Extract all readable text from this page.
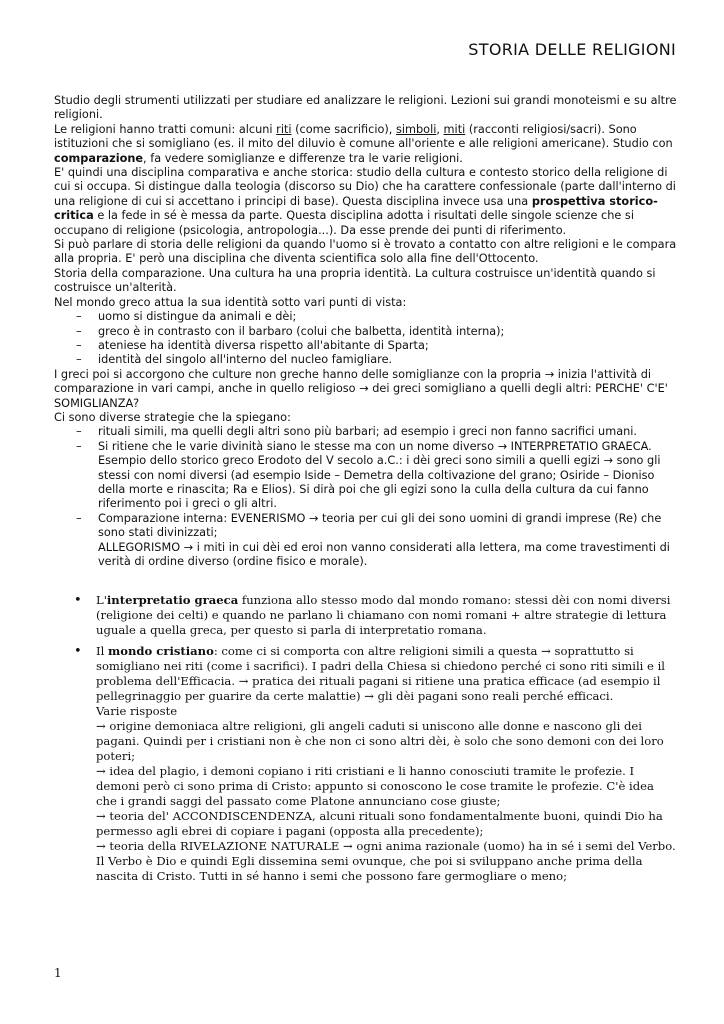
STORIA DELLE RELIGIONI

Studio degli strumenti utilizzati per studiare ed analizzare le religioni. Lezioni sui grandi monoteismi e su altre religioni.

Le religioni hanno tratti comuni: alcuni riti (come sacrificio), simboli, miti (racconti religiosi/sacri). Sono istituzioni che si somigliano (es. il mito del diluvio è comune all'oriente e alle religioni americane). Studio con comparazione, fa vedere somiglianze e differenze tra le varie religioni.

E' quindi una disciplina comparativa e anche storica: studio della cultura e contesto storico della religione di cui si occupa. Si distingue dalla teologia (discorso su Dio) che ha carattere confessionale (parte dall'interno di una religione di cui si accettano i principi di base). Questa disciplina invece usa una prospettiva storico-critica e la fede in sé è messa da parte. Questa disciplina adotta i risultati delle singole scienze che si occupano di religione (psicologia, antropologia...). Da esse prende dei punti di riferimento.

Si può parlare di storia delle religioni da quando l'uomo si è trovato a contatto con altre religioni e le compara alla propria. E' però una disciplina che diventa scientifica solo alla fine dell'Ottocento.

Storia della comparazione. Una cultura ha una propria identità. La cultura costruisce un'identità quando si costruisce un'alterità.

Nel mondo greco attua la sua identità sotto vari punti di vista:

– uomo si distingue da animali e dèi;
– greco è in contrasto con il barbaro (colui che balbetta, identità interna);
– ateniese ha identità diversa rispetto all'abitante di Sparta;
– identità del singolo all'interno del nucleo famigliare.

I greci poi si accorgono che culture non greche hanno delle somiglianze con la propria → inizia l'attività di comparazione in vari campi, anche in quello religioso → dei greci somigliano a quelli degli altri: PERCHE' C'E' SOMIGLIANZA?

Ci sono diverse strategie che la spiegano:

– rituali simili, ma quelli degli altri sono più barbari; ad esempio i greci non fanno sacrifici umani.
– Si ritiene che le varie divinità siano le stesse ma con un nome diverso → INTERPRETATIO GRAECA. Esempio dello storico greco Erodoto del V secolo a.C.: i dèi greci sono simili a quelli egizi → sono gli stessi con nomi diversi (ad esempio Iside – Demetra della coltivazione del grano; Osiride – Dioniso della morte e rinascita; Ra e Elios). Si dirà poi che gli egizi sono la culla della cultura da cui fanno riferimento poi i greci o gli altri.
– Comparazione interna: EVENERISMO → teoria per cui gli dei sono uomini di grandi imprese (Re) che sono stati divinizzati;
ALLEGORISMO → i miti in cui dèi ed eroi non vanno considerati alla lettera, ma come travestimenti di verità di ordine diverso (ordine fisico e morale).
• L'interpretatio graeca funziona allo stesso modo dal mondo romano: stessi dèi con nomi diversi (religione dei celti) e quando ne parlano li chiamano con nomi romani + altre strategie di lettura uguale a quella greca, per questo si parla di interpretatio romana.
• Il mondo cristiano: come ci si comporta con altre religioni simili a questa → soprattutto si somigliano nei riti (come i sacrifici). I padri della Chiesa si chiedono perché ci sono riti simili e il problema dell'Efficacia. → pratica dei rituali pagani si ritiene una pratica efficace (ad esempio il pellegrinaggio per guarire da certe malattie) → gli dèi pagani sono reali perché efficaci.
Varie risposte
→ origine demoniaca altre religioni, gli angeli caduti si uniscono alle donne e nascono gli dei pagani. Quindi per i cristiani non è che non ci sono altri dèi, è solo che sono demoni con dei loro poteri;
→ idea del plagio, i demoni copiano i riti cristiani e li hanno conosciuti tramite le profezie. I demoni però ci sono prima di Cristo: appunto si conoscono le cose tramite le profezie. C'è idea che i grandi saggi del passato come Platone annunciano cose giuste;
→ teoria del' ACCONDISCENDENZA, alcuni rituali sono fondamentalmente buoni, quindi Dio ha permesso agli ebrei di copiare i pagani (opposta alla precedente);
→ teoria della RIVELAZIONE NATURALE → ogni anima razionale (uomo) ha in sé i semi del Verbo. Il Verbo è Dio e quindi Egli dissemina semi ovunque, che poi si sviluppano anche prima della nascita di Cristo. Tutti in sé hanno i semi che possono fare germogliare o meno;
1
